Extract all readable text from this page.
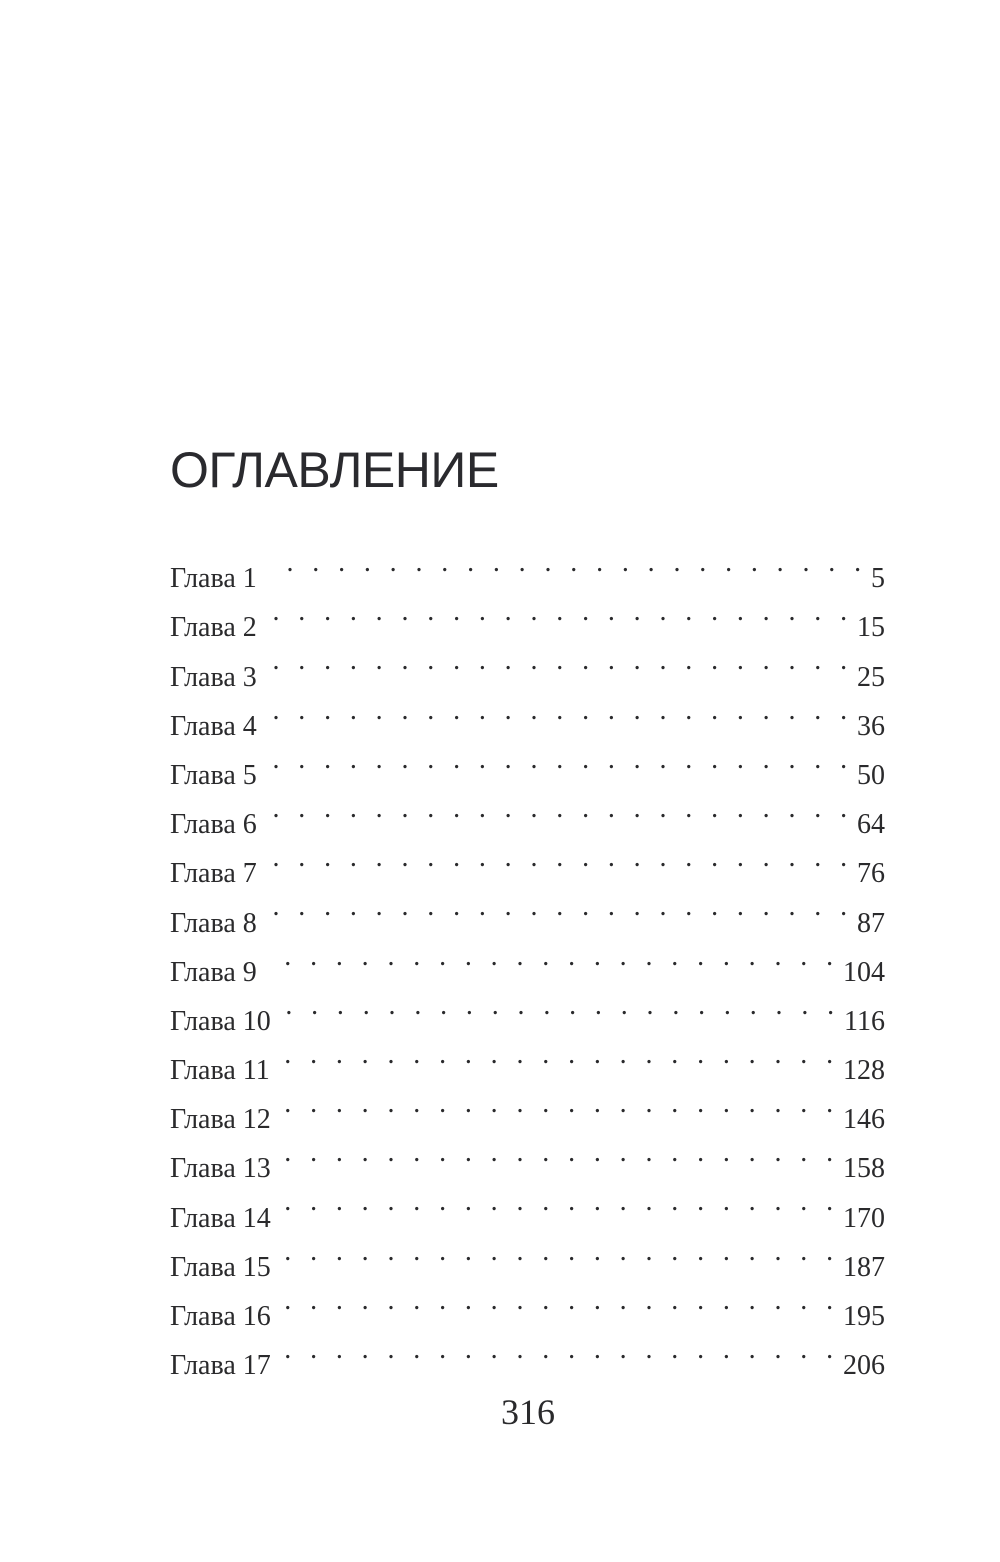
ОГЛАВЛЕНИЕ
Глава 1 . . .	5
Глава 2 . . .	15
Глава 3 . . .	25
Глава 4 . . .	36
Глава 5 . . .	50
Глава 6 . . .	64
Глава 7 . . .	76
Глава 8 . . .	87
Глава 9 . . .	104
Глава 10 . . .	116
Глава 11 . . .	128
Глава 12 . . .	146
Глава 13 . . .	158
Глава 14 . . .	170
Глава 15 . . .	187
Глава 16 . . .	195
Глава 17 . . .	206
316
